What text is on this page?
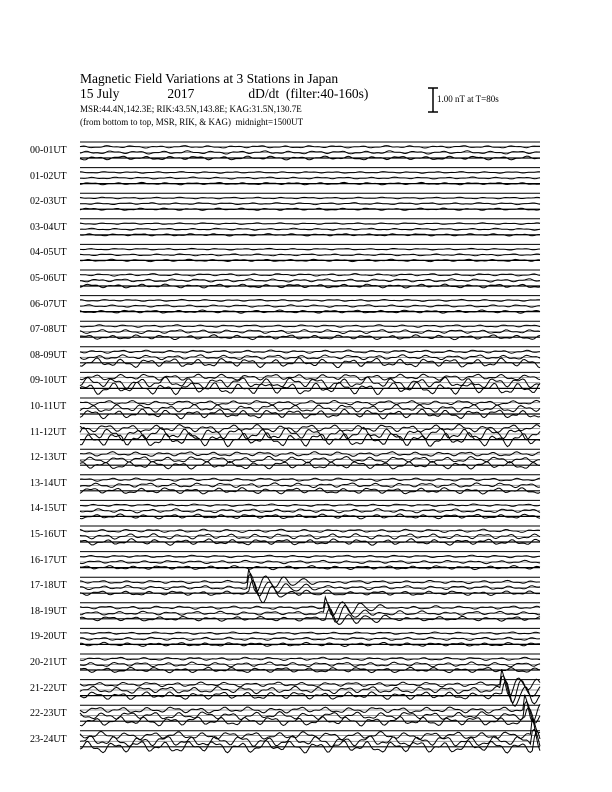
Magnetic Field Variations at 3 Stations in Japan
15 July	2017	dD/dt (filter:40-160s)
MSR:44.4N,142.3E; RIK:43.5N,143.8E; KAG:31.5N,130.7E
(from bottom to top, MSR, RIK, & KAG) midnight=1500UT
1.00 nT at T=80s
00-01UT
01-02UT
02-03UT
03-04UT
04-05UT
05-06UT
06-07UT
07-08UT
08-09UT
09-10UT
10-11UT
11-12UT
12-13UT
13-14UT
14-15UT
15-16UT
16-17UT
17-18UT
18-19UT
19-20UT
20-21UT
21-22UT
22-23UT
23-24UT
